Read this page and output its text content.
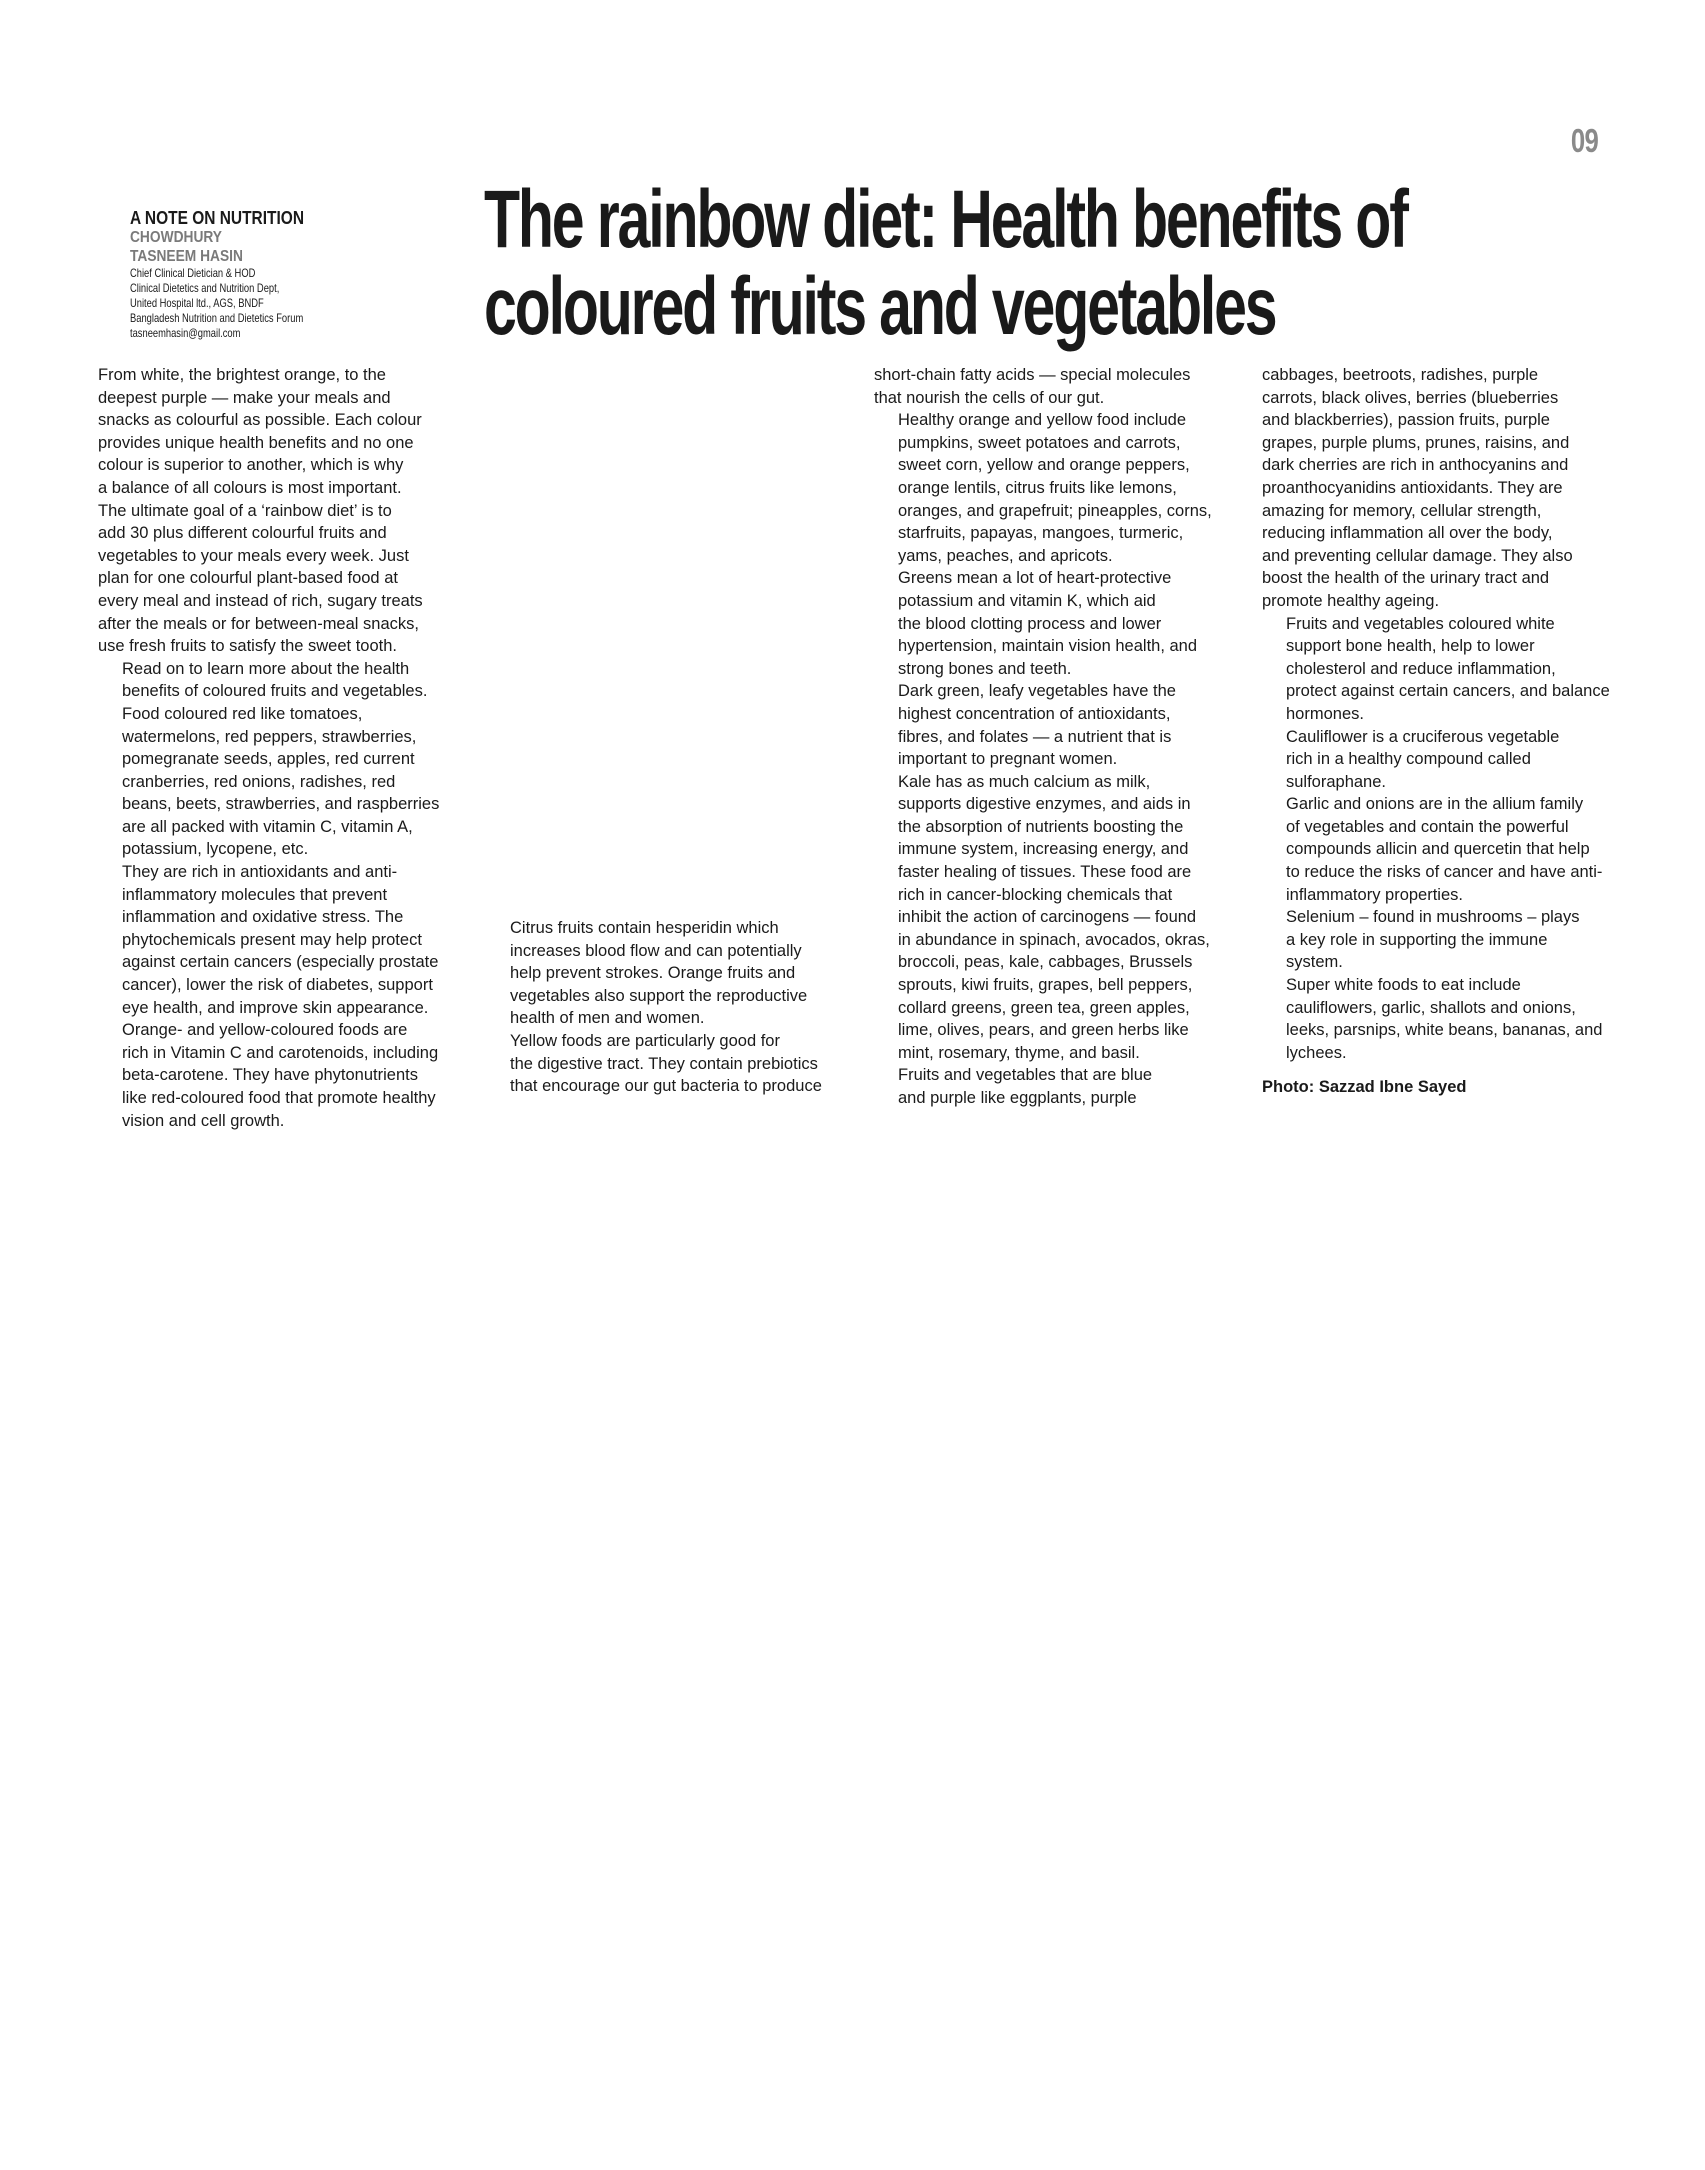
09
A NOTE ON NUTRITION
CHOWDHURY
TASNEEM HASIN
Chief Clinical Dietician & HOD
Clinical Dietetics and Nutrition Dept,
United Hospital ltd., AGS, BNDF
Bangladesh Nutrition and Dietetics Forum
tasneemhasin@gmail.com
The rainbow diet: Health benefits of
coloured fruits and vegetables

From white, the brightest orange, to the
deepest purple — make your meals and
snacks as colourful as possible. Each colour
provides unique health benefits and no one
colour is superior to another, which is why
a balance of all colours is most important.
The ultimate goal of a ‘rainbow diet’ is to
add 30 plus different colourful fruits and
vegetables to your meals every week. Just
plan for one colourful plant-based food at
every meal and instead of rich, sugary treats
after the meals or for between-meal snacks,
use fresh fruits to satisfy the sweet tooth.

Read on to learn more about the health
benefits of coloured fruits and vegetables.

Food coloured red like tomatoes,
watermelons, red peppers, strawberries,
pomegranate seeds, apples, red current
cranberries, red onions, radishes, red
beans, beets, strawberries, and raspberries
are all packed with vitamin C, vitamin A,
potassium, lycopene, etc.

They are rich in antioxidants and anti-
inflammatory molecules that prevent
inflammation and oxidative stress. The
phytochemicals present may help protect
against certain cancers (especially prostate
cancer), lower the risk of diabetes, support
eye health, and improve skin appearance.

Orange- and yellow-coloured foods are
rich in Vitamin C and carotenoids, including
beta-carotene. They have phytonutrients
like red-coloured food that promote healthy
vision and cell growth.

Citrus fruits contain hesperidin which
increases blood flow and can potentially
help prevent strokes. Orange fruits and
vegetables also support the reproductive
health of men and women.

Yellow foods are particularly good for
the digestive tract. They contain prebiotics
that encourage our gut bacteria to produce

short-chain fatty acids — special molecules
that nourish the cells of our gut.

Healthy orange and yellow food include
pumpkins, sweet potatoes and carrots,
sweet corn, yellow and orange peppers,
orange lentils, citrus fruits like lemons,
oranges, and grapefruit; pineapples, corns,
starfruits, papayas, mangoes, turmeric,
yams, peaches, and apricots.

Greens mean a lot of heart-protective
potassium and vitamin K, which aid
the blood clotting process and lower
hypertension, maintain vision health, and
strong bones and teeth.

Dark green, leafy vegetables have the
highest concentration of antioxidants,
fibres, and folates — a nutrient that is
important to pregnant women.

Kale has as much calcium as milk,
supports digestive enzymes, and aids in
the absorption of nutrients boosting the
immune system, increasing energy, and
faster healing of tissues. These food are
rich in cancer-blocking chemicals that
inhibit the action of carcinogens — found
in abundance in spinach, avocados, okras,
broccoli, peas, kale, cabbages, Brussels
sprouts, kiwi fruits, grapes, bell peppers,
collard greens, green tea, green apples,
lime, olives, pears, and green herbs like
mint, rosemary, thyme, and basil.

Fruits and vegetables that are blue
and purple like eggplants, purple

cabbages, beetroots, radishes, purple
carrots, black olives, berries (blueberries
and blackberries), passion fruits, purple
grapes, purple plums, prunes, raisins, and
dark cherries are rich in anthocyanins and
proanthocyanidins antioxidants. They are
amazing for memory, cellular strength,
reducing inflammation all over the body,
and preventing cellular damage. They also
boost the health of the urinary tract and
promote healthy ageing.

Fruits and vegetables coloured white
support bone health, help to lower
cholesterol and reduce inflammation,
protect against certain cancers, and balance
hormones.

Cauliflower is a cruciferous vegetable
rich in a healthy compound called
sulforaphane.

Garlic and onions are in the allium family
of vegetables and contain the powerful
compounds allicin and quercetin that help
to reduce the risks of cancer and have anti-
inflammatory properties.

Selenium – found in mushrooms – plays
a key role in supporting the immune
system.

Super white foods to eat include
cauliflowers, garlic, shallots and onions,
leeks, parsnips, white beans, bananas, and
lychees.

Photo: Sazzad Ibne Sayed
